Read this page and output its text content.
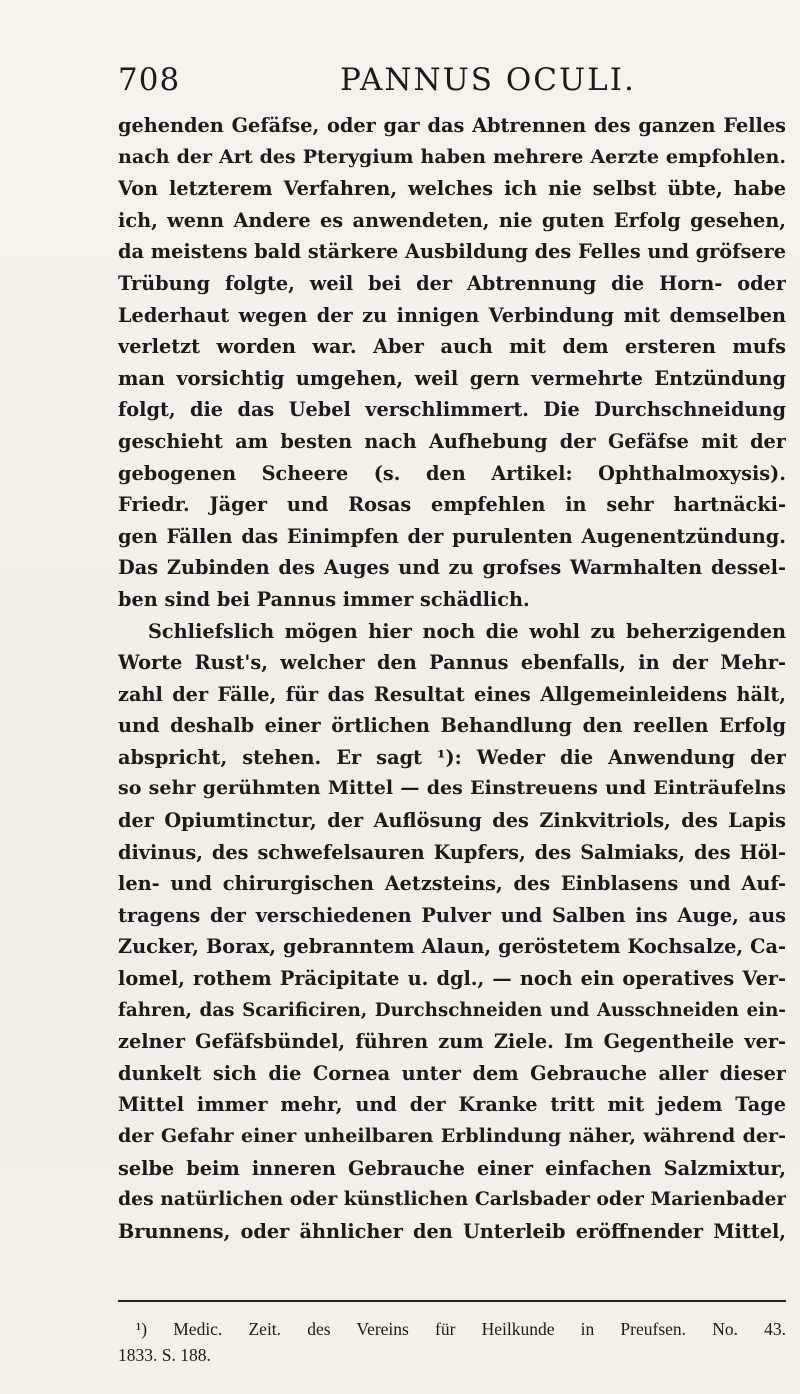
708	PANNUS OCULI.
gehenden Gefäfse, oder gar das Abtrennen des ganzen Felles
nach der Art des Pterygium haben mehrere Aerzte empfohlen.
Von letzterem Verfahren, welches ich nie selbst übte, habe
ich, wenn Andere es anwendeten, nie guten Erfolg gesehen,
da meistens bald stärkere Ausbildung des Felles und gröfsere
Trübung folgte, weil bei der Abtrennung die Horn- oder
Lederhaut wegen der zu innigen Verbindung mit demselben
verletzt worden war. Aber auch mit dem ersteren mufs
man vorsichtig umgehen, weil gern vermehrte Entzündung
folgt, die das Uebel verschlimmert. Die Durchschneidung
geschieht am besten nach Aufhebung der Gefäfse mit der
gebogenen Scheere (s. den Artikel: Ophthalmoxysis).
Friedr. Jäger und Rosas empfehlen in sehr hartnäcki-
gen Fällen das Einimpfen der purulenten Augenentzündung.
Das Zubinden des Auges und zu grofses Warmhalten dessel-
ben sind bei Pannus immer schädlich.
Schliefslich mögen hier noch die wohl zu beherzigenden
Worte Rust's, welcher den Pannus ebenfalls, in der Mehr-
zahl der Fälle, für das Resultat eines Allgemeinleidens hält,
und deshalb einer örtlichen Behandlung den reellen Erfolg
abspricht, stehen. Er sagt ¹): Weder die Anwendung der
so sehr gerühmten Mittel — des Einstreuens und Einträufelns
der Opiumtinctur, der Auflösung des Zinkvitriols, des Lapis
divinus, des schwefelsauren Kupfers, des Salmiaks, des Höl-
len- und chirurgischen Aetzsteins, des Einblasens und Auf-
tragens der verschiedenen Pulver und Salben ins Auge, aus
Zucker, Borax, gebranntem Alaun, geröstetem Kochsalze, Ca-
lomel, rothem Präcipitate u. dgl., — noch ein operatives Ver-
fahren, das Scarificiren, Durchschneiden und Ausschneiden ein-
zelner Gefäfsbündel, führen zum Ziele. Im Gegentheile ver-
dunkelt sich die Cornea unter dem Gebrauche aller dieser
Mittel immer mehr, und der Kranke tritt mit jedem Tage
der Gefahr einer unheilbaren Erblindung näher, während der-
selbe beim inneren Gebrauche einer einfachen Salzmixtur,
des natürlichen oder künstlichen Carlsbader oder Marienbader
Brunnens, oder ähnlicher den Unterleib eröffnender Mittel,
¹) Medic. Zeit. des Vereins für Heilkunde in Preufsen. No. 43.
1833. S. 188.
